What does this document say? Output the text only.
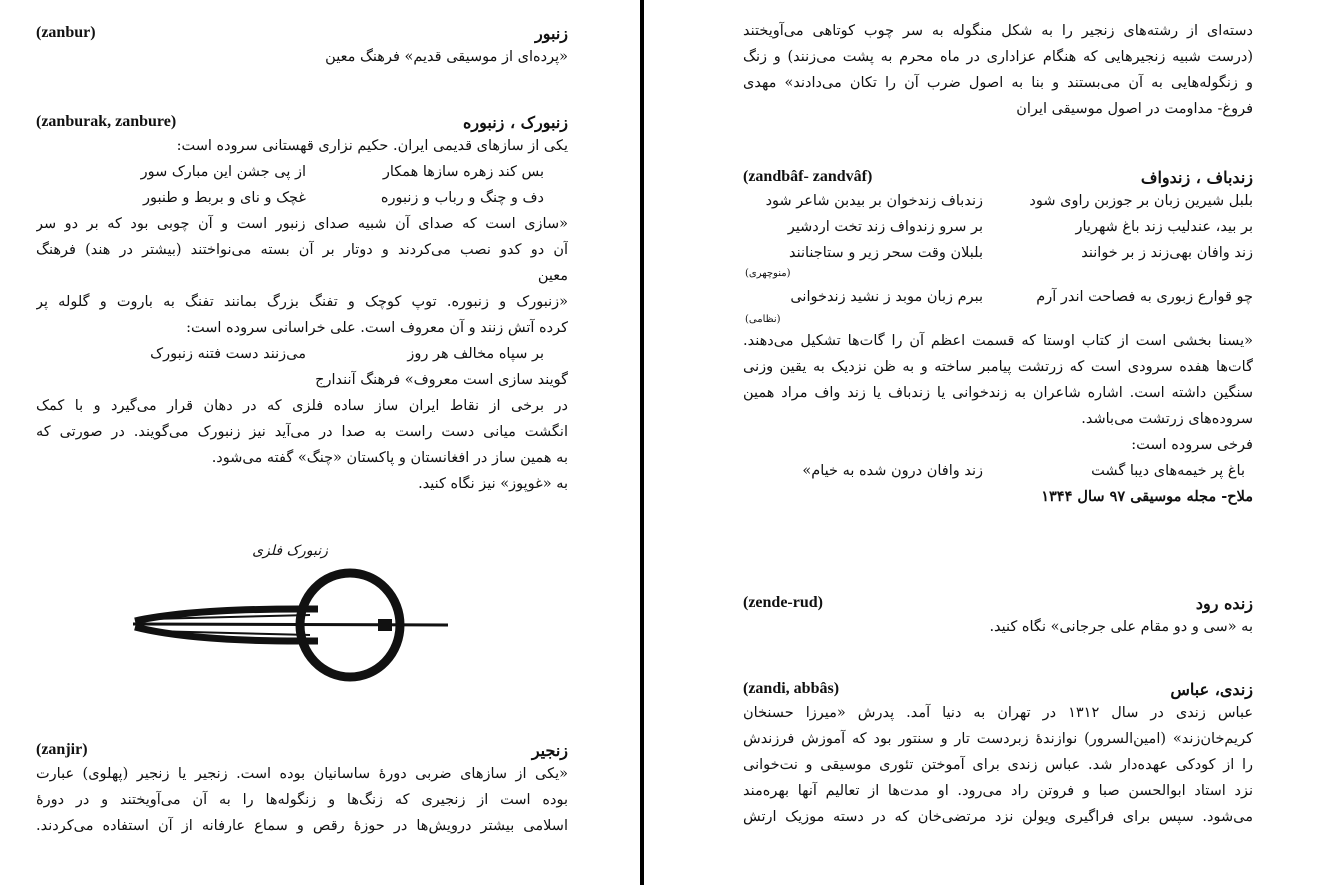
زنبور
(zanbur)
«پرده‌ای از موسیقی قدیم» فرهنگ معین
زنبورک ، زنبوره
(zanburak, zanbure)
یکی از سازهای قدیمی ایران. حکیم نزاری قهستانی سروده است:
بس کند زهره سازها همکار
از پی جشن این مبارک سور
دف و چنگ و رباب و زنبوره
غچک و نای و بربط و طنبور
«سازی است که صدای آن شبیه صدای زنبور است و آن چوبی بود که بر دو سر
آن دو کدو نصب می‌کردند و دوتار بر آن بسته می‌نواختند (بیشتر در هند) فرهنگ
معین
«زنبورک و زنبوره. توپ کوچک و تفنگ بزرگ بمانند تفنگ به باروت و گلوله پر
کرده آتش زنند و آن معروف است. علی خراسانی سروده است:
بر سپاه مخالف هر روز
می‌زنند دست فتنه زنبورک
گویند سازی است معروف» فرهنگ آنندارج
در برخی از نقاط ایران ساز ساده فلزی که در دهان قرار می‌گیرد و با کمک
انگشت میانی دست راست به صدا در می‌آید نیز زنبورک می‌گویند. در صورتی که
به همین ساز در افغانستان و پاکستان «چنگ» گفته می‌شود.
به «غوپوز» نیز نگاه کنید.
زنبورک فلزی
زنجیر
(zanjir)
«یکی از سازهای ضربی دورهٔ ساسانیان بوده است. زنجیر یا زنجیر (پهلوی) عبارت
بوده است از زنجیری که زنگ‌ها و زنگوله‌ها را به آن می‌آویختند و در دورهٔ
اسلامی بیشتر درویش‌ها در حوزهٔ رقص و سماع عارفانه از آن استفاده می‌کردند.
دسته‌ای از رشته‌های زنجیر را به شکل منگوله به سر چوب کوتاهی می‌آویختند
(درست شبیه زنجیرهایی که هنگام عزاداری در ماه محرم به پشت می‌زنند) و زنگ
و زنگوله‌هایی به آن می‌بستند و بنا به اصول ضرب آن را تکان می‌دادند» مهدی
فروغ- مداومت در اصول موسیقی ایران
زندباف ، زندواف
(zandbâf- zandvâf)
بلبل شیرین زبان بر جوزبن راوی شود
زندباف زندخوان بر بیدبن شاعر شود
بر بید، عندلیب زند باغ شهریار
بر سرو زندواف زند تخت اردشیر
زند وافان بهی‌زند ز بر خوانند
بلبلان وقت سحر زیر و ستاجنانند
(منوچهری)
چو قوارع زبوری به فصاحت اندر آرم
ببرم زبان موبد ز نشید زندخوانی
(نظامی)
«یسنا بخشی است از کتاب اوستا که قسمت اعظم آن را گات‌ها تشکیل می‌دهند.
گات‌ها هفده سرودی است که زرتشت پیامبر ساخته و به ظن نزدیک به یقین وزنی
سنگین داشته است. اشاره شاعران به زندخوانی یا زندباف یا زند واف مراد همین
سروده‌های زرتشت می‌باشد.
فرخی سروده است:
باغ پر خیمه‌های دیبا گشت
زند وافان درون شده به خیام»
ملاح- مجله موسیقی ۹۷ سال ۱۳۴۴
زنده رود
(zende-rud)
به «سی و دو مقام علی جرجانی» نگاه کنید.
زندی، عباس
(zandi, abbâs)
عباس زندی در سال ۱۳۱۲ در تهران به دنیا آمد. پدرش «میرزا حسنخان
کریم‌خان‌زند» (امین‌السرور) نوازندهٔ زبردست تار و سنتور بود که آموزش فرزندش
را از کودکی عهده‌دار شد. عباس زندی برای آموختن تئوری موسیقی و نت‌خوانی
نزد استاد ابوالحسن صبا و فروتن راد می‌رود. او مدت‌ها از تعالیم آنها بهره‌مند
می‌شود. سپس برای فراگیری ویولن نزد مرتضی‌خان که در دسته موزیک ارتش
